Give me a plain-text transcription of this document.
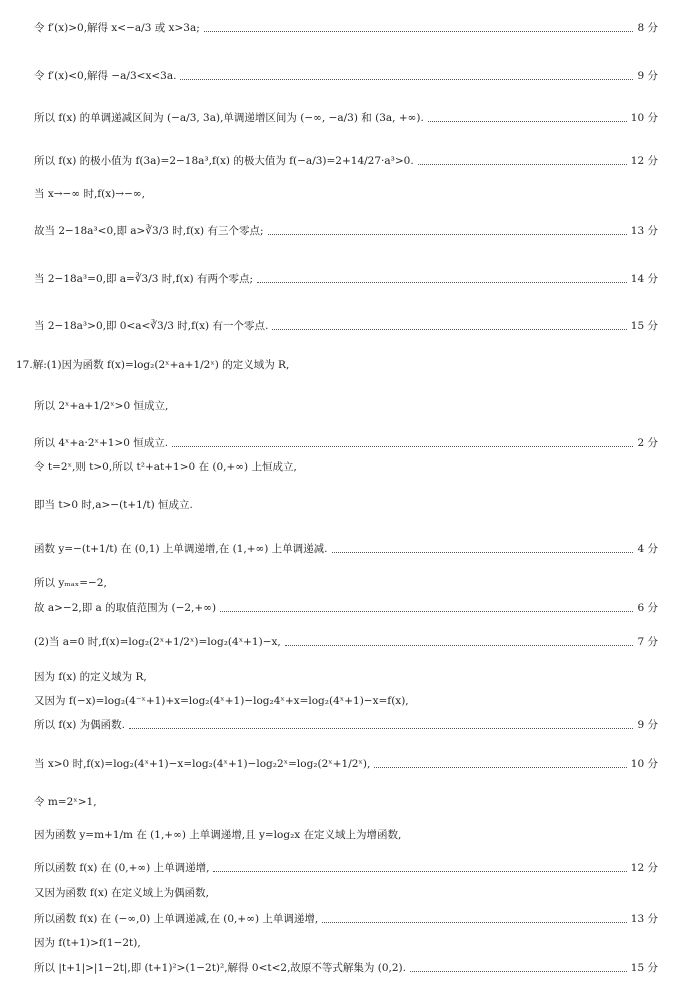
令 f′(x)>0,解得 x<−a/3 或 x>3a;	8 分
令 f′(x)<0,解得 −a/3<x<3a.	9 分
所以 f(x) 的单调递减区间为 (−a/3, 3a),单调递增区间为 (−∞, −a/3) 和 (3a, +∞).	10 分
所以 f(x) 的极小值为 f(3a)=2−18a³,f(x) 的极大值为 f(−a/3)=2+14/27·a³>0.	12 分
当 x→−∞ 时,f(x)→−∞,
故当 2−18a³<0,即 a>∛3/3 时,f(x) 有三个零点;	13 分
当 2−18a³=0,即 a=∛3/3 时,f(x) 有两个零点;	14 分
当 2−18a³>0,即 0<a<∛3/3 时,f(x) 有一个零点.	15 分
17.解:(1)因为函数 f(x)=log₂(2ˣ+a+1/2ˣ) 的定义域为 R,
所以 2ˣ+a+1/2ˣ>0 恒成立,
所以 4ˣ+a·2ˣ+1>0 恒成立.	2 分
令 t=2ˣ,则 t>0,所以 t²+at+1>0 在 (0,+∞) 上恒成立,
即当 t>0 时,a>−(t+1/t) 恒成立.
函数 y=−(t+1/t) 在 (0,1) 上单调递增,在 (1,+∞) 上单调递减.	4 分
所以 yₘₐₓ=−2,
故 a>−2,即 a 的取值范围为 (−2,+∞)	6 分
(2)当 a=0 时,f(x)=log₂(2ˣ+1/2ˣ)=log₂(4ˣ+1)−x,	7 分
因为 f(x) 的定义域为 R,
又因为 f(−x)=log₂(4⁻ˣ+1)+x=log₂(4ˣ+1)−log₂4ˣ+x=log₂(4ˣ+1)−x=f(x),
所以 f(x) 为偶函数.	9 分
当 x>0 时,f(x)=log₂(4ˣ+1)−x=log₂(4ˣ+1)−log₂2ˣ=log₂(2ˣ+1/2ˣ),	10 分
令 m=2ˣ>1,
因为函数 y=m+1/m 在 (1,+∞) 上单调递增,且 y=log₂x 在定义域上为增函数,
所以函数 f(x) 在 (0,+∞) 上单调递增,	12 分
又因为函数 f(x) 在定义域上为偶函数,
所以函数 f(x) 在 (−∞,0) 上单调递减,在 (0,+∞) 上单调递增,	13 分
因为 f(t+1)>f(1−2t),
所以 |t+1|>|1−2t|,即 (t+1)²>(1−2t)²,解得 0<t<2,故原不等式解集为 (0,2).	15 分
